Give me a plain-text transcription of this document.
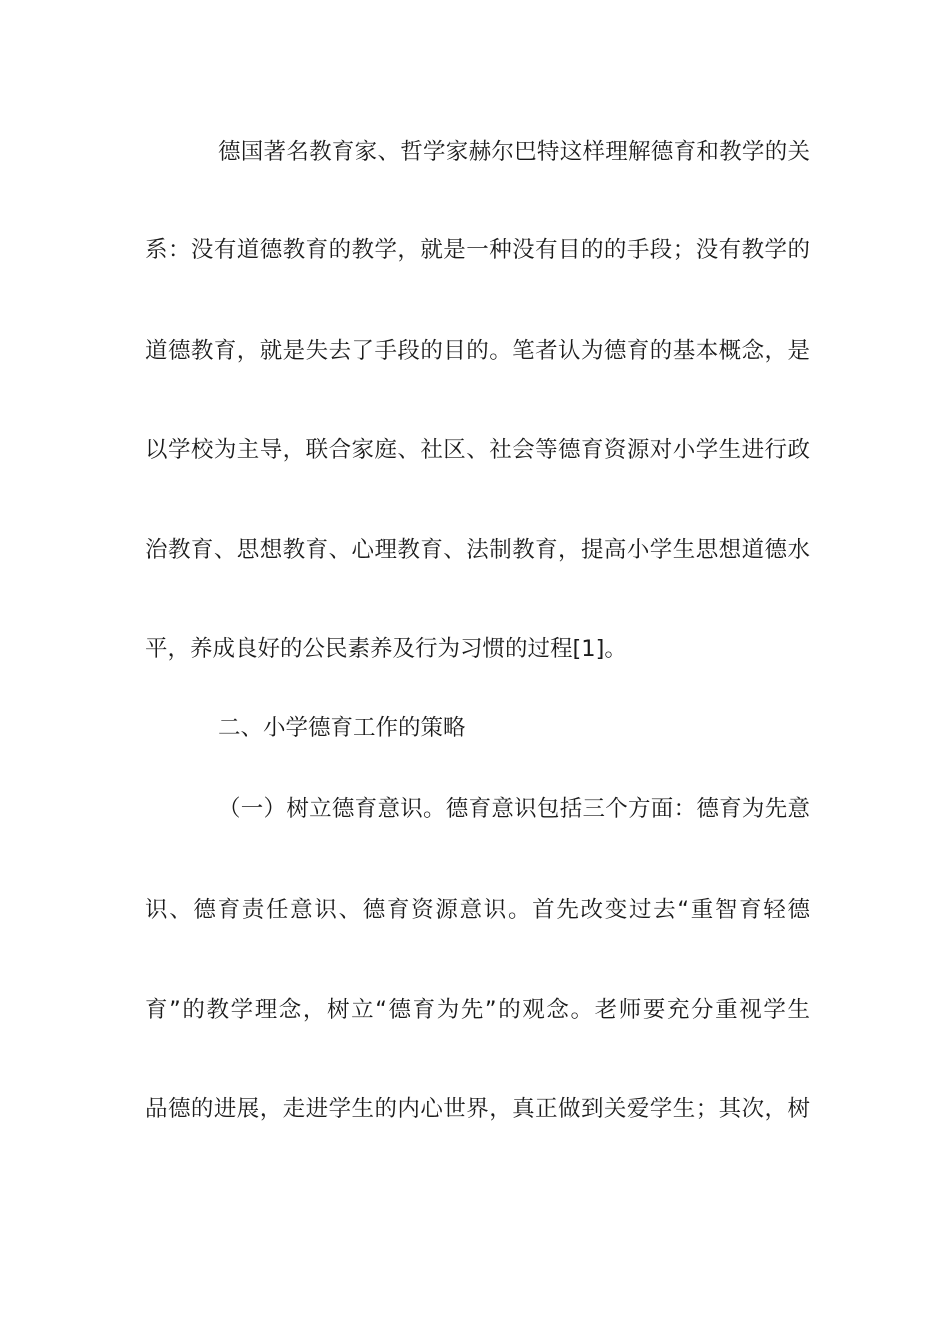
德国著名教育家、哲学家赫尔巴特这样理解德育和教学的关
系：没有道德教育的教学，就是一种没有目的的手段；没有教学的
道德教育，就是失去了手段的目的。笔者认为德育的基本概念，是
以学校为主导，联合家庭、社区、社会等德育资源对小学生进行政
治教育、思想教育、心理教育、法制教育，提高小学生思想道德水
平，养成良好的公民素养及行为习惯的过程[1]。
二、小学德育工作的策略
（一）树立德育意识。德育意识包括三个方面：德育为先意
识、德育责任意识、德育资源意识。首先改变过去“重智育轻德
育”的教学理念，树立“德育为先”的观念。老师要充分重视学生
品德的进展，走进学生的内心世界，真正做到关爱学生；其次，树
